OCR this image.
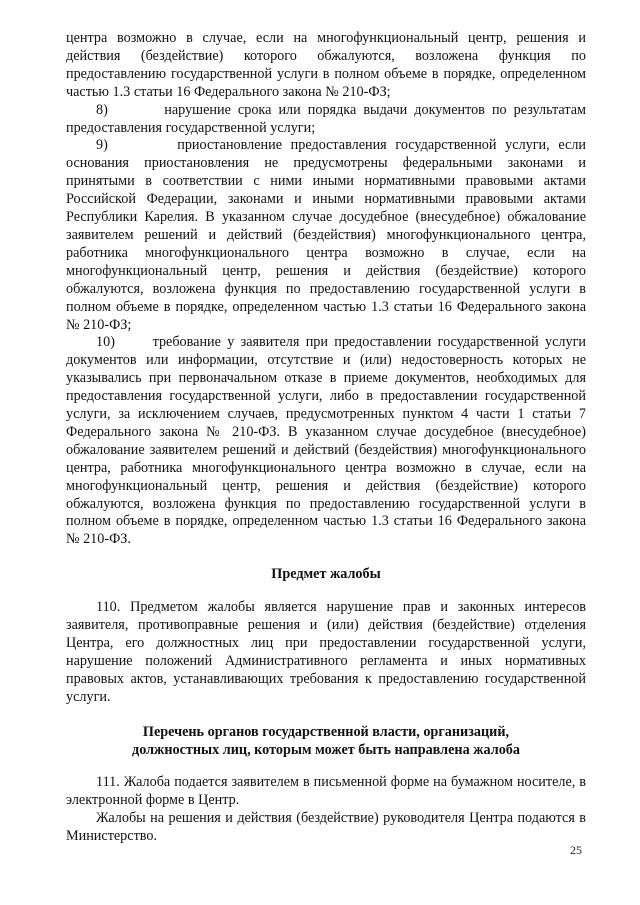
центра возможно в случае, если на многофункциональный центр, решения и действия (бездействие) которого обжалуются, возложена функция по предоставлению государственной услуги в полном объеме в порядке, определенном частью 1.3 статьи 16 Федерального закона № 210-ФЗ;

8)        нарушение срока или порядка выдачи документов по результатам предоставления государственной услуги;

9)        приостановление предоставления государственной услуги, если основания приостановления не предусмотрены федеральными законами и принятыми в соответствии с ними иными нормативными правовыми актами Российской Федерации, законами и иными нормативными правовыми актами Республики Карелия. В указанном случае досудебное (внесудебное) обжалование заявителем решений и действий (бездействия) многофункционального центра, работника многофункционального центра возможно в случае, если на многофункциональный центр, решения и действия (бездействие) которого обжалуются, возложена функция по предоставлению государственной услуги в полном объеме в порядке, определенном частью 1.3 статьи 16 Федерального закона № 210-ФЗ;

10)      требование у заявителя при предоставлении государственной услуги документов или информации, отсутствие и (или) недостоверность которых не указывались при первоначальном отказе в приеме документов, необходимых для предоставления государственной услуги, либо в предоставлении государственной услуги, за исключением случаев, предусмотренных пунктом 4 части 1 статьи 7 Федерального закона № 210-ФЗ. В указанном случае досудебное (внесудебное) обжалование заявителем решений и действий (бездействия) многофункционального центра, работника многофункционального центра возможно в случае, если на многофункциональный центр, решения и действия (бездействие) которого обжалуются, возложена функция по предоставлению государственной услуги в полном объеме в порядке, определенном частью 1.3 статьи 16 Федерального закона № 210-ФЗ.

Предмет жалобы

110. Предметом жалобы является нарушение прав и законных интересов заявителя, противоправные решения и (или) действия (бездействие) отделения Центра, его должностных лиц при предоставлении государственной услуги, нарушение положений Административного регламента и иных нормативных правовых актов, устанавливающих требования к предоставлению государственной услуги.

Перечень органов государственной власти, организаций,

должностных лиц, которым может быть направлена жалоба

111. Жалоба подается заявителем в письменной форме на бумажном носителе, в электронной форме в Центр.

Жалобы на решения и действия (бездействие) руководителя Центра подаются в Министерство.

25
